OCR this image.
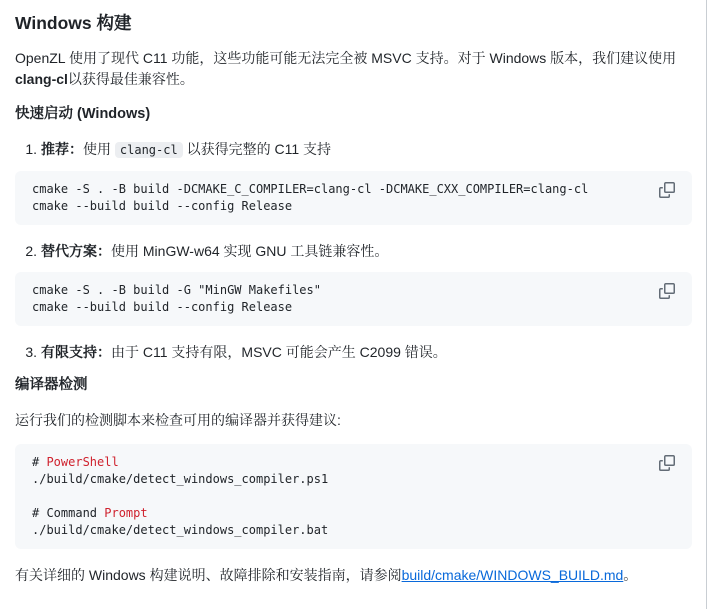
Windows 构建

OpenZL 使用了现代 C11 功能，这些功能可能无法完全被 MSVC 支持。对于 Windows 版本，我们建议使用clang-cl以获得最佳兼容性。

快速启动 (Windows)
1. 推荐：使用 clang-cl 以获得完整的 C11 支持
cmake -S . -B build -DCMAKE_C_COMPILER=clang-cl -DCMAKE_CXX_COMPILER=clang-cl
cmake --build build --config Release
2. 替代方案：使用 MinGW-w64 实现 GNU 工具链兼容性。
cmake -S . -B build -G "MinGW Makefiles"
cmake --build build --config Release
3. 有限支持：由于 C11 支持有限，MSVC 可能会产生 C2099 错误。
编译器检测

运行我们的检测脚本来检查可用的编译器并获得建议:

# PowerShell
./build/cmake/detect_windows_compiler.ps1
# Command Prompt
./build/cmake/detect_windows_compiler.bat

有关详细的 Windows 构建说明、故障排除和安装指南，请参阅build/cmake/WINDOWS_BUILD.md。
